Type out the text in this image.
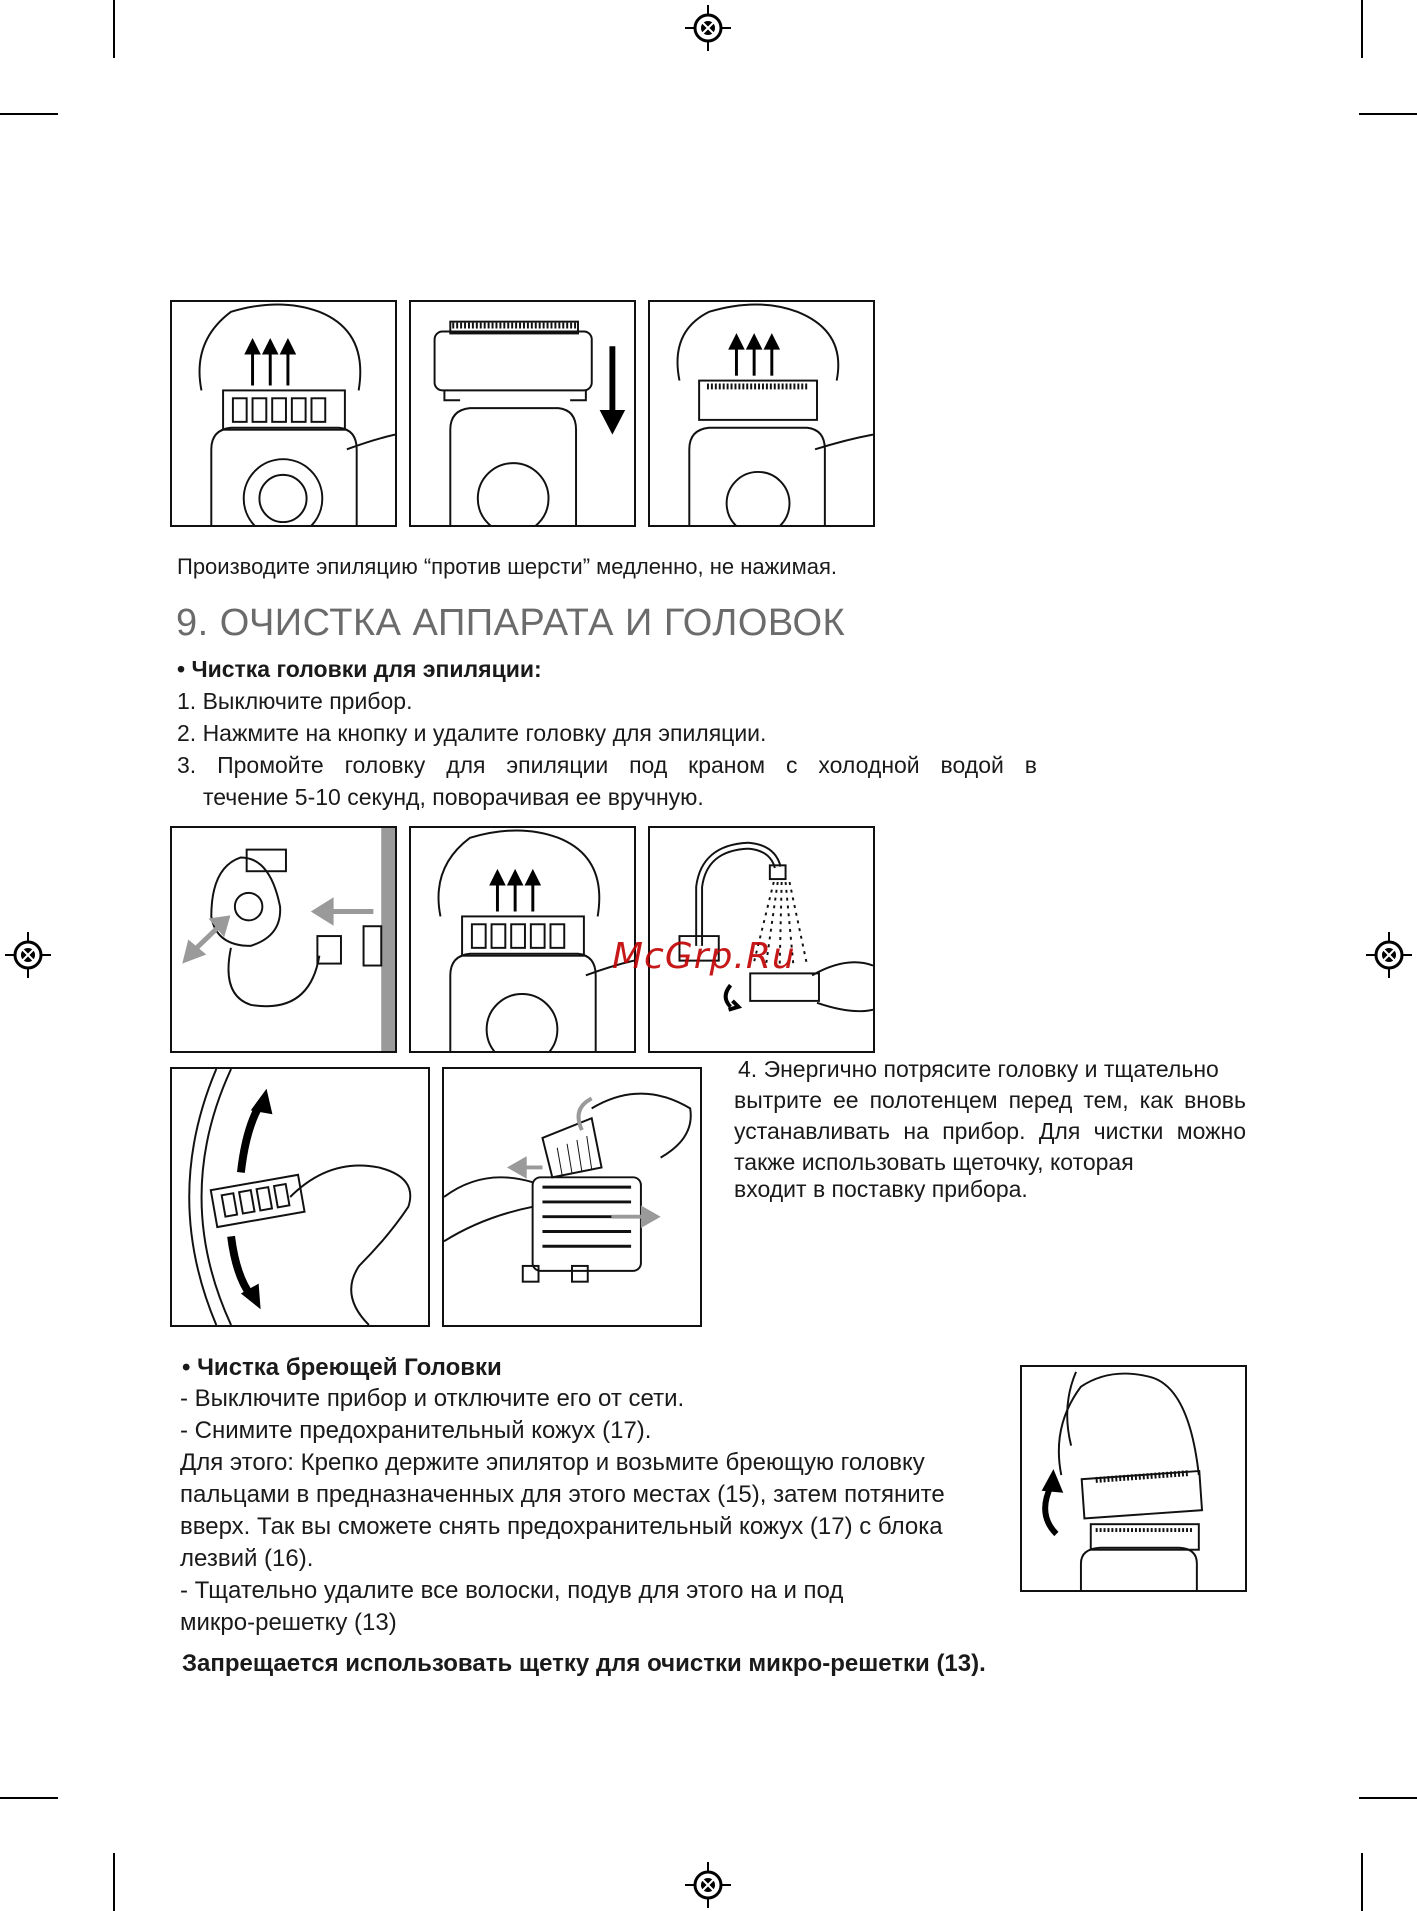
Производите эпиляцию “против шерсти” медленно, не нажимая.
9. ОЧИСТКА АППАРАТА И ГОЛОВОК
• Чистка головки для эпиляции:
1. Выключите прибор.
2. Нажмите на кнопку и удалите головку для эпиляции.
3. Промойте головку для эпиляции под краном с холодной водой в
течение 5-10 секунд, поворачивая ее вручную.
McGrp.Ru
4. Энергично потрясите головку и тщательно
вытрите ее полотенцем перед тем, как вновь
устанавливать на прибор. Для чистки можно
также использовать щеточку, которая
входит в поставку прибора.
• Чистка бреющей Головки
- Выключите прибор и отключите его от сети.
- Снимите предохранительный кожух (17).
Для этого: Крепко держите эпилятор и возьмите бреющую головку
пальцами в предназначенных для этого местах (15), затем потяните
вверх. Так вы сможете снять предохранительный кожух (17) с блока
лезвий (16).
- Тщательно удалите все волоски, подув для этого на и под
микро-решетку (13)
Запрещается использовать щетку для очистки микро-решетки (13).
